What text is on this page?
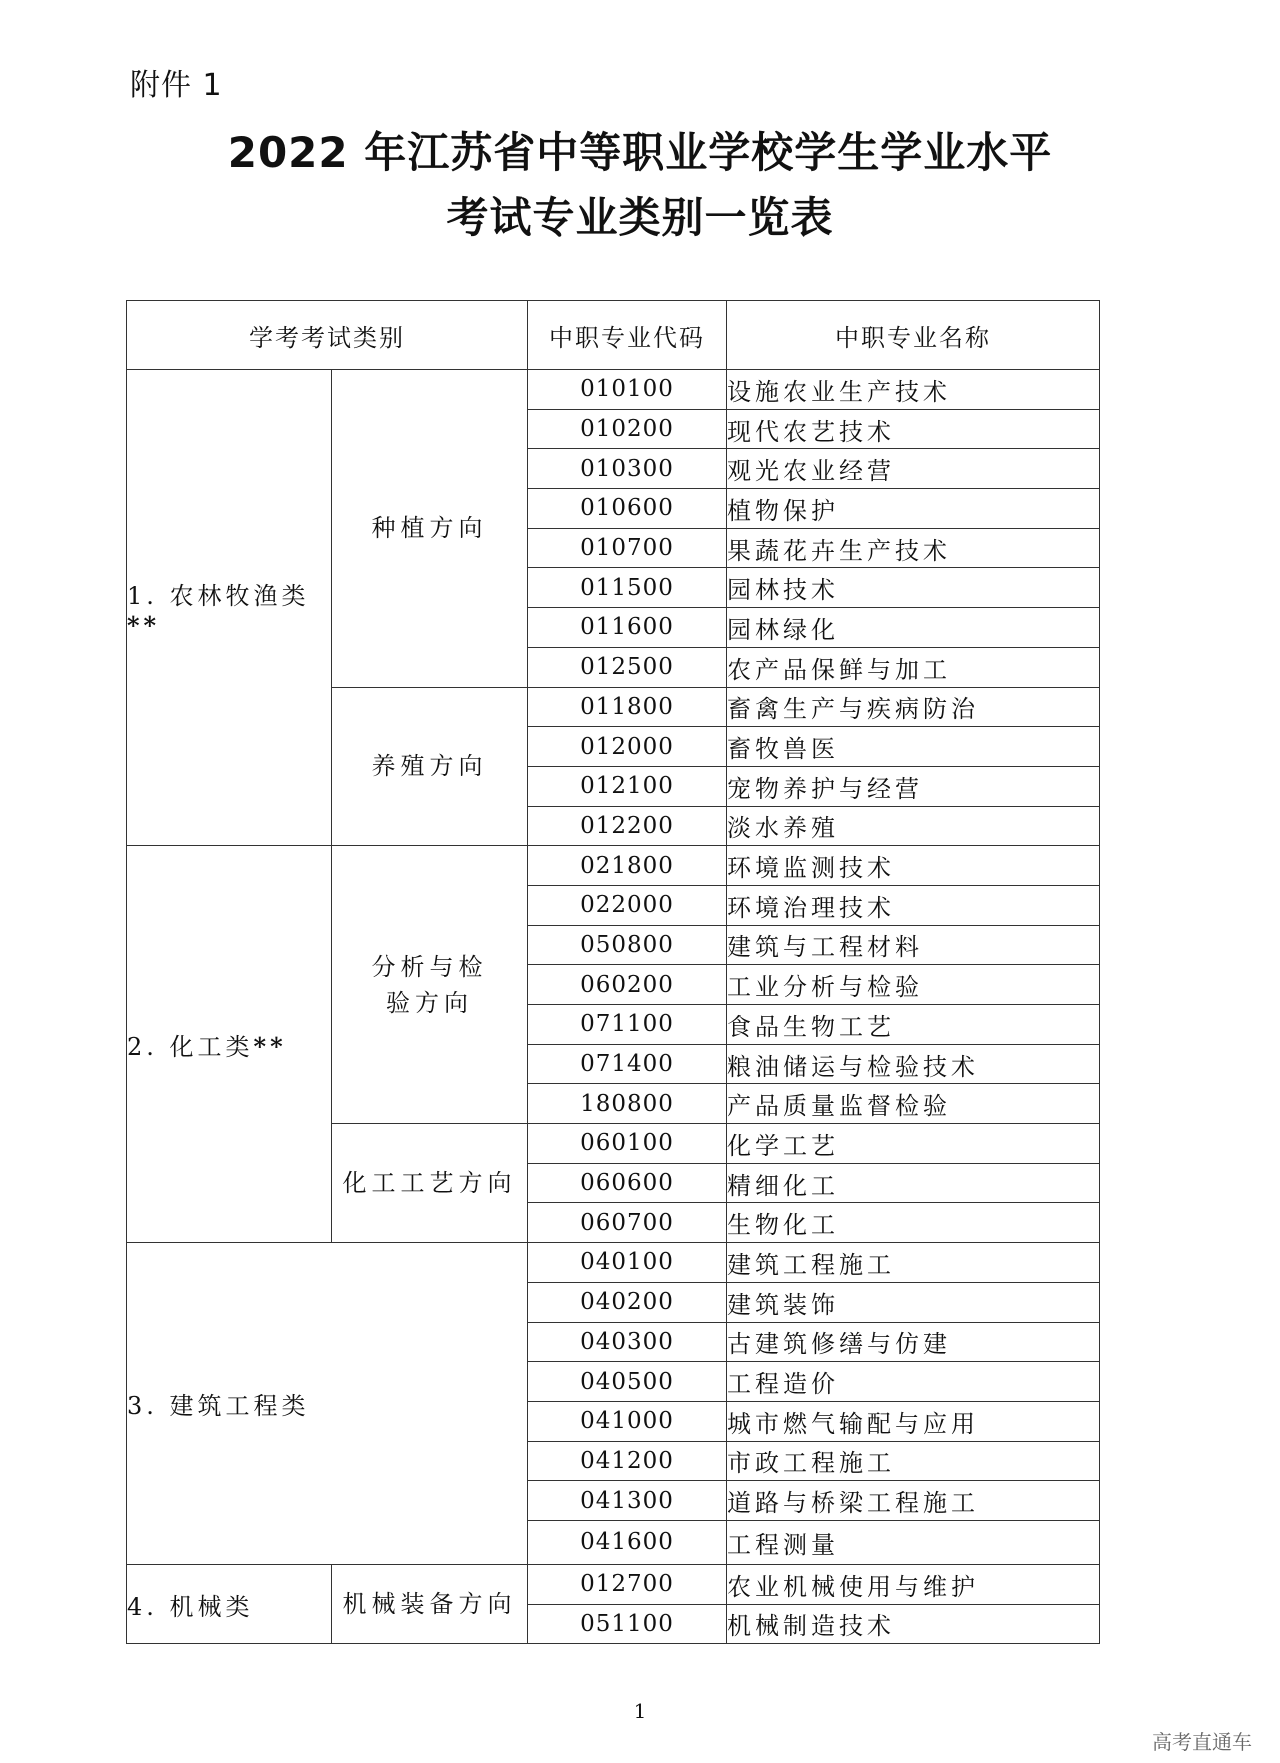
附件 1
2022 年江苏省中等职业学校学生学业水平
考试专业类别一览表
学考考试类别		中职专业代码	中职专业名称
1. 农林牧渔类**	种植方向	010100	设施农业生产技术
		010200	现代农艺技术
		010300	观光农业经营
		010600	植物保护
		010700	果蔬花卉生产技术
		011500	园林技术
		011600	园林绿化
		012500	农产品保鲜与加工
	养殖方向	011800	畜禽生产与疾病防治
		012000	畜牧兽医
		012100	宠物养护与经营
		012200	淡水养殖
2. 化工类**	分析与检验方向	021800	环境监测技术
		022000	环境治理技术
		050800	建筑与工程材料
		060200	工业分析与检验
		071100	食品生物工艺
		071400	粮油储运与检验技术
		180800	产品质量监督检验
	化工工艺方向	060100	化学工艺
		060600	精细化工
		060700	生物化工
3. 建筑工程类		040100	建筑工程施工
		040200	建筑装饰
		040300	古建筑修缮与仿建
		040500	工程造价
		041000	城市燃气输配与应用
		041200	市政工程施工
		041300	道路与桥梁工程施工
		041600	工程测量
4. 机械类	机械装备方向	012700	农业机械使用与维护
		051100	机械制造技术
1
高考直通车
